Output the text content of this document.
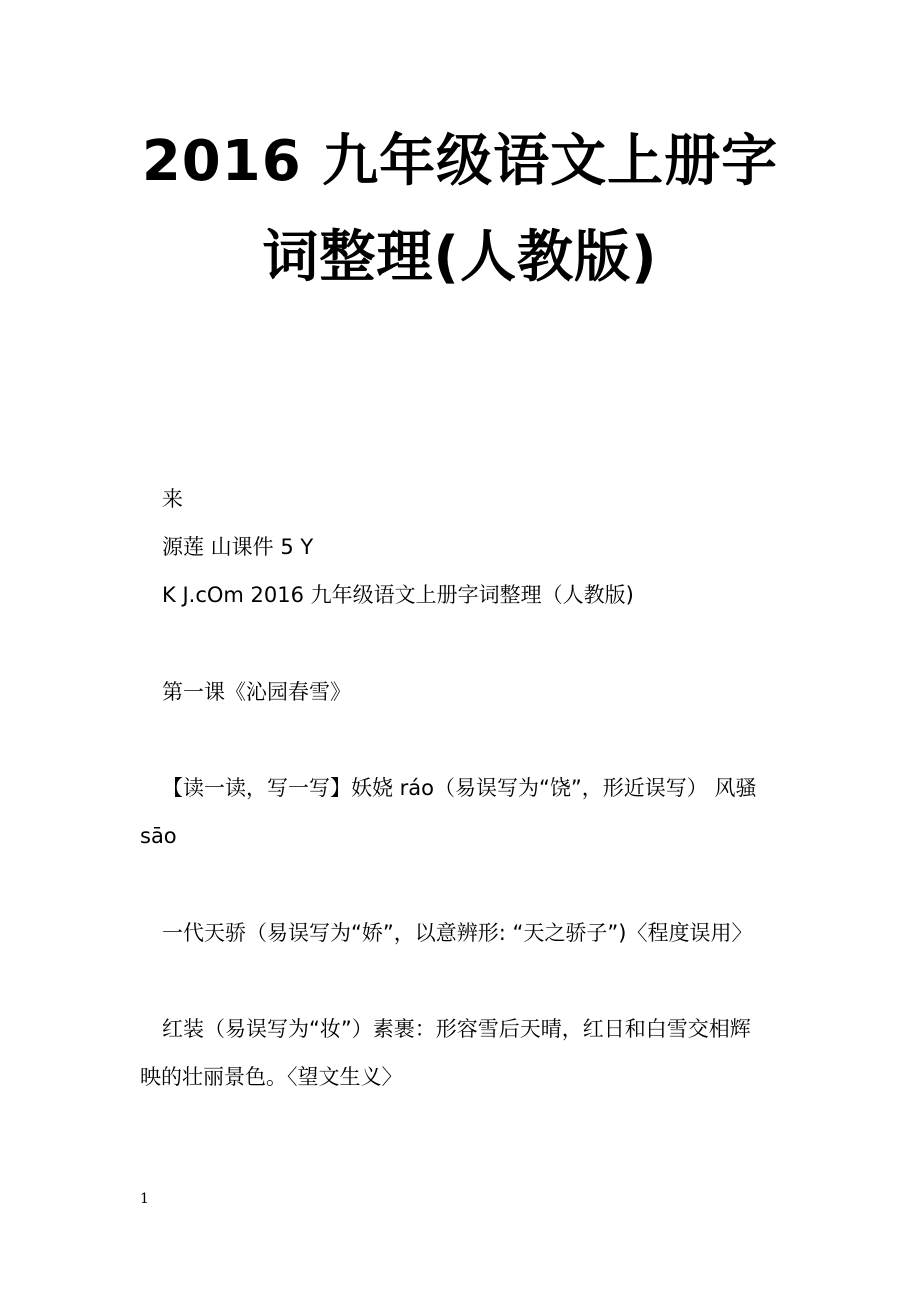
2016 九年级语文上册字
词整理(人教版)
来
源莲 山课件 5 Y
K J.cOm 2016 九年级语文上册字词整理（人教版)
第一课《沁园春雪》
【读一读，写一写】妖娆 ráo（易误写为“饶”，形近误写） 风骚
sāo
一代天骄（易误写为“娇”，以意辨形: “天之骄子”)〈程度误用〉
红装（易误写为“妆”）素裹：形容雪后天晴，红日和白雪交相辉
映的壮丽景色。〈望文生义〉
1
